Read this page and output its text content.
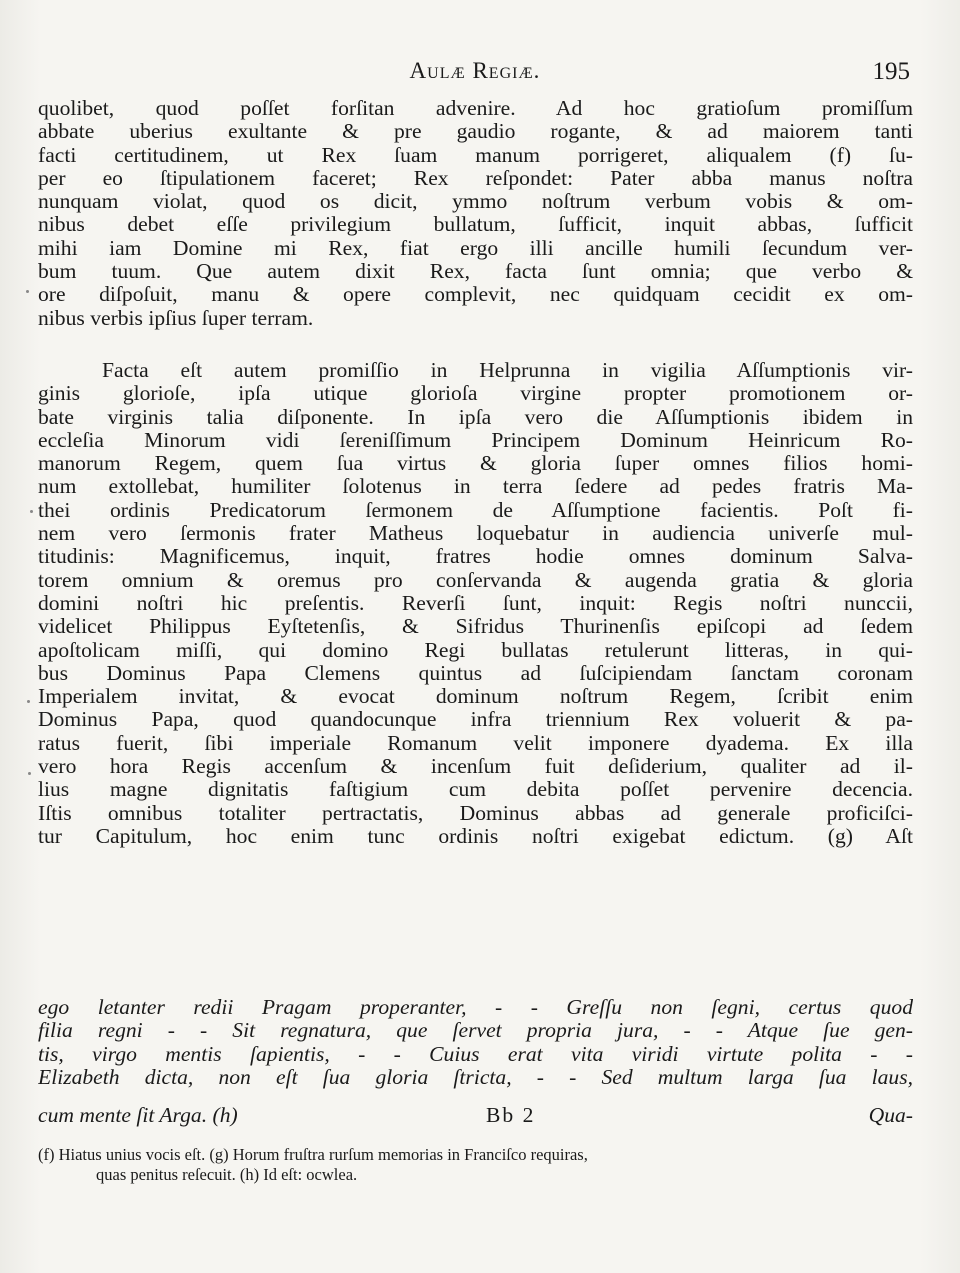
Aulæ Regiæ.	195

quolibet, quod poſſet forſitan advenire. Ad hoc gratioſum promiſſum

abbate uberius exultante & pre gaudio rogante, & ad maiorem tanti

facti certitudinem, ut Rex ſuam manum porrigeret, aliqualem (f) ſu-

per eo ſtipulationem faceret; Rex reſpondet: Pater abba manus noſtra

nunquam violat, quod os dicit, ymmo noſtrum verbum vobis & om-

nibus debet eſſe privilegium bullatum, ſufficit, inquit abbas, ſufficit

mihi iam Domine mi Rex, fiat ergo illi ancille humili ſecundum ver-

bum tuum. Que autem dixit Rex, facta ſunt omnia; que verbo &

ore diſpoſuit, manu & opere complevit, nec quidquam cecidit ex om-

nibus verbis ipſius ſuper terram.

Facta eſt autem promiſſio in Helprunna in vigilia Aſſumptionis vir-

ginis glorioſe, ipſa utique glorioſa virgine propter promotionem or-

bate virginis talia diſponente. In ipſa vero die Aſſumptionis ibidem in

eccleſia Minorum vidi ſereniſſimum Principem Dominum Heinricum Ro-

manorum Regem, quem ſua virtus & gloria ſuper omnes filios homi-

num extollebat, humiliter ſolotenus in terra ſedere ad pedes fratris Ma-

thei ordinis Predicatorum ſermonem de Aſſumptione facientis. Poſt fi-

nem vero ſermonis frater Matheus loquebatur in audiencia univerſe mul-

titudinis: Magnificemus, inquit, fratres hodie omnes dominum Salva-

torem omnium & oremus pro conſervanda & augenda gratia & gloria

domini noſtri hic preſentis. Reverſi ſunt, inquit: Regis noſtri nunccii,

videlicet Philippus Eyſtetenſis, & Sifridus Thurinenſis epiſcopi ad ſedem

apoſtolicam miſſi, qui domino Regi bullatas retulerunt litteras, in qui-

bus Dominus Papa Clemens quintus ad ſuſcipiendam ſanctam coronam

Imperialem invitat, & evocat dominum noſtrum Regem, ſcribit enim

Dominus Papa, quod quandocunque infra triennium Rex voluerit & pa-

ratus fuerit, ſibi imperiale Romanum velit imponere dyadema. Ex illa

vero hora Regis accenſum & incenſum fuit deſiderium, qualiter ad il-

lius magne dignitatis faſtigium cum debita poſſet pervenire decencia.

Iſtis omnibus totaliter pertractatis, Dominus abbas ad generale proficiſci-

tur Capitulum, hoc enim tunc ordinis noſtri exigebat edictum. (g) Aſt

ego letanter redii Pragam properanter, - - Greſſu non ſegni, certus quod
filia regni - - Sit regnatura, que ſervet propria jura, - - Atque ſue gen-
tis, virgo mentis ſapientis, - - Cuius erat vita viridi virtute polita - -
Elizabeth dicta, non eſt ſua gloria ſtricta, - - Sed multum larga ſua laus,
cum mente ſit Arga. (h)	Bb 2	Qua-

(f) Hiatus unius vocis eſt. (g) Horum fruſtra rurſum memorias in Franciſco requiras,

quas penitus reſecuit. (h) Id eſt: ocwlea.
